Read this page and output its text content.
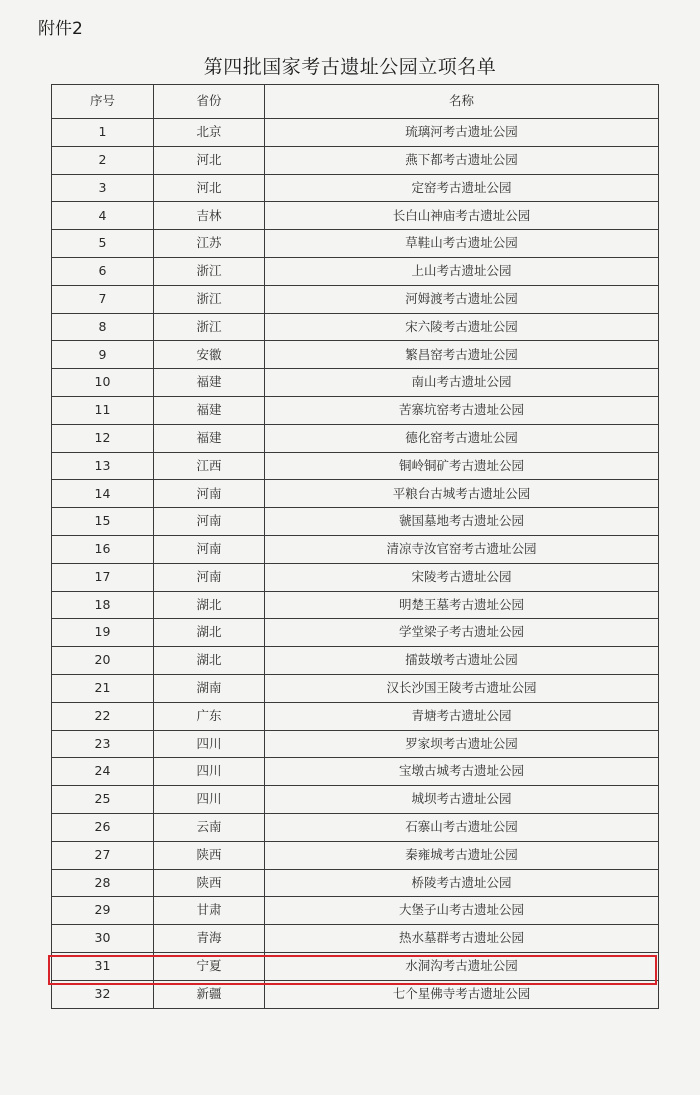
附件2
第四批国家考古遗址公园立项名单
序号	省份	名称
1	北京	琉璃河考古遗址公园
2	河北	燕下都考古遗址公园
3	河北	定窑考古遗址公园
4	吉林	长白山神庙考古遗址公园
5	江苏	草鞋山考古遗址公园
6	浙江	上山考古遗址公园
7	浙江	河姆渡考古遗址公园
8	浙江	宋六陵考古遗址公园
9	安徽	繁昌窑考古遗址公园
10	福建	南山考古遗址公园
11	福建	苦寨坑窑考古遗址公园
12	福建	德化窑考古遗址公园
13	江西	铜岭铜矿考古遗址公园
14	河南	平粮台古城考古遗址公园
15	河南	虢国墓地考古遗址公园
16	河南	清凉寺汝官窑考古遗址公园
17	河南	宋陵考古遗址公园
18	湖北	明楚王墓考古遗址公园
19	湖北	学堂梁子考古遗址公园
20	湖北	擂鼓墩考古遗址公园
21	湖南	汉长沙国王陵考古遗址公园
22	广东	青塘考古遗址公园
23	四川	罗家坝考古遗址公园
24	四川	宝墩古城考古遗址公园
25	四川	城坝考古遗址公园
26	云南	石寨山考古遗址公园
27	陕西	秦雍城考古遗址公园
28	陕西	桥陵考古遗址公园
29	甘肃	大堡子山考古遗址公园
30	青海	热水墓群考古遗址公园
31	宁夏	水洞沟考古遗址公园
32	新疆	七个星佛寺考古遗址公园
